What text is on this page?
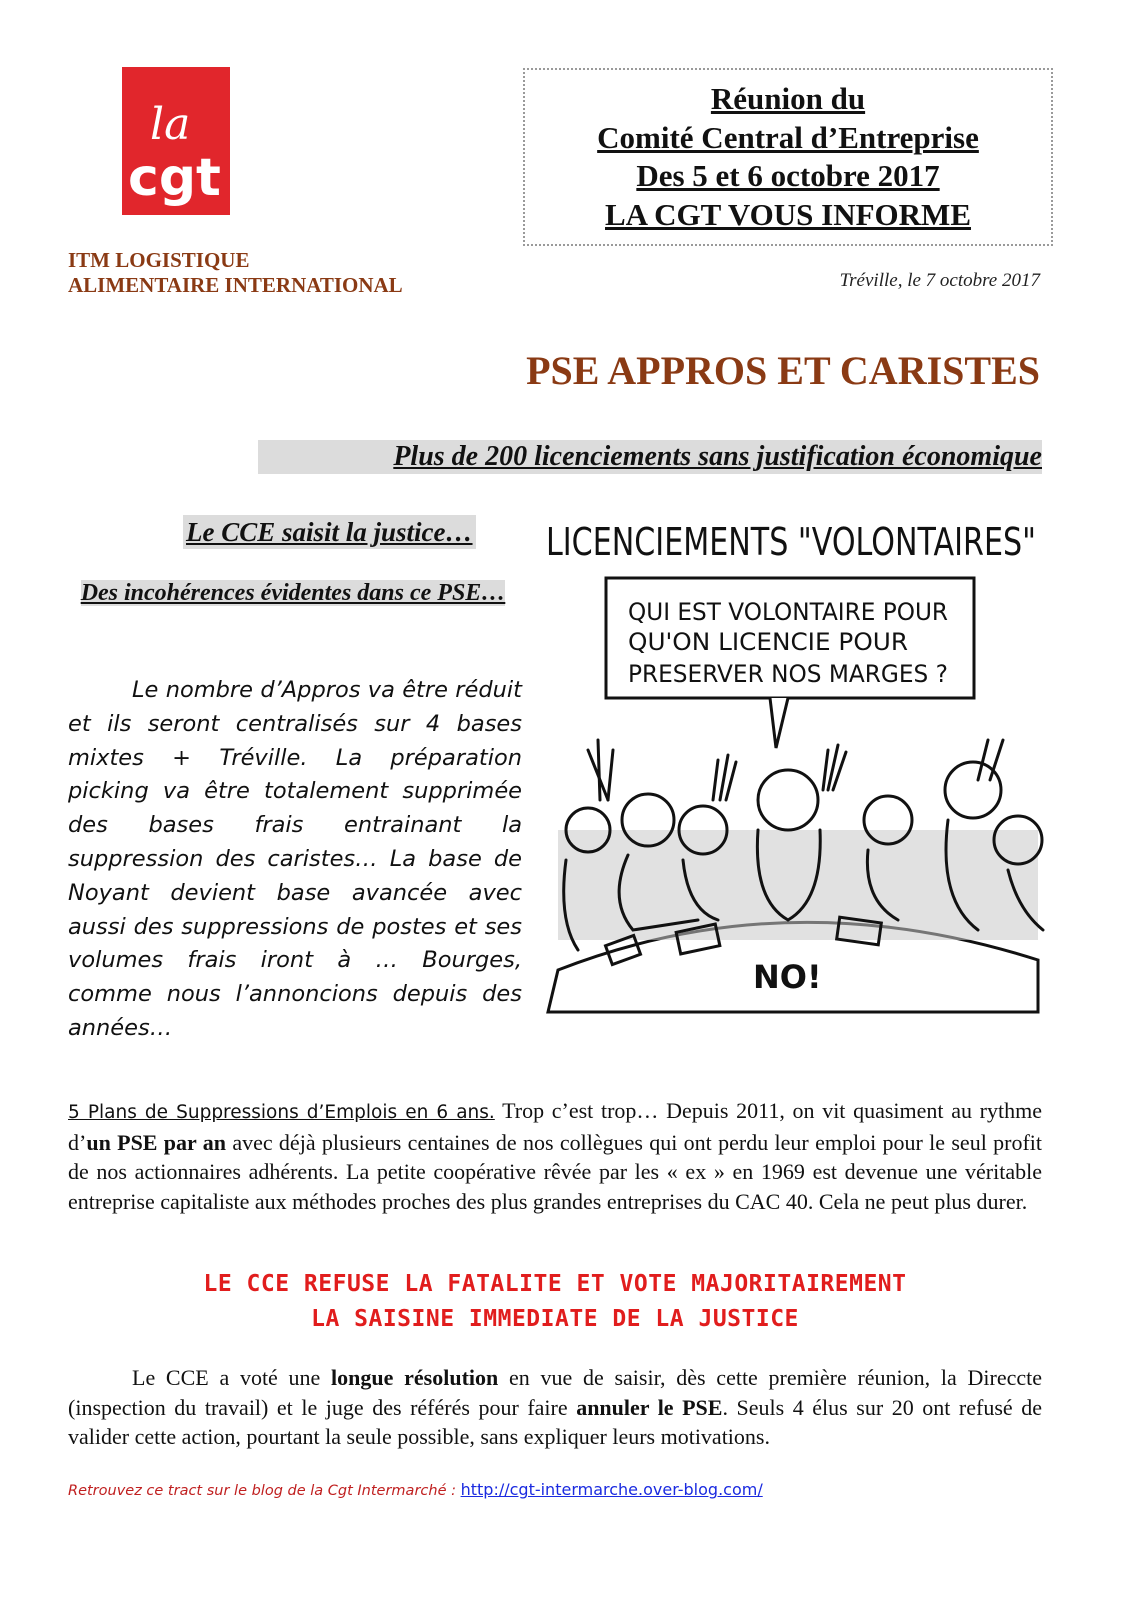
la
cgt
ITM LOGISTIQUE
ALIMENTAIRE INTERNATIONAL
Réunion du
Comité Central d’Entreprise
Des 5 et 6 octobre 2017
LA CGT VOUS INFORME
Tréville, le 7 octobre 2017
PSE APPROS ET CARISTES
Plus de 200 licenciements sans justification économique
Le CCE saisit la justice…
Des incohérences évidentes dans ce PSE…
Le nombre d’Appros va être réduit et ils seront centralisés sur 4 bases mixtes + Tréville. La préparation picking va être totalement supprimée des bases frais entrainant la suppression des caristes… La base de Noyant devient base avancée avec aussi des suppressions de postes et ses volumes frais iront à … Bourges, comme nous l’annoncions depuis des années…
LICENCIEMENTS "VOLONTAIRES"
QUI EST VOLONTAIRE POUR
QU'ON LICENCIE POUR
PRESERVER NOS MARGES ?
NO!
5 Plans de Suppressions d’Emplois en 6 ans. Trop c’est trop… Depuis 2011, on vit quasiment au rythme d’un PSE par an avec déjà plusieurs centaines de nos collègues qui ont perdu leur emploi pour le seul profit de nos actionnaires adhérents. La petite coopérative rêvée par les « ex » en 1969 est devenue une véritable entreprise capitaliste aux méthodes proches des plus grandes entreprises du CAC 40. Cela ne peut plus durer.
LE CCE REFUSE LA FATALITE ET VOTE MAJORITAIREMENT
LA SAISINE IMMEDIATE DE LA JUSTICE
Le CCE a voté une longue résolution en vue de saisir, dès cette première réunion, la Direccte (inspection du travail) et le juge des référés pour faire annuler le PSE. Seuls 4 élus sur 20 ont refusé de valider cette action, pourtant la seule possible, sans expliquer leurs motivations.
Retrouvez ce tract sur le blog de la Cgt Intermarché : http://cgt-intermarche.over-blog.com/
